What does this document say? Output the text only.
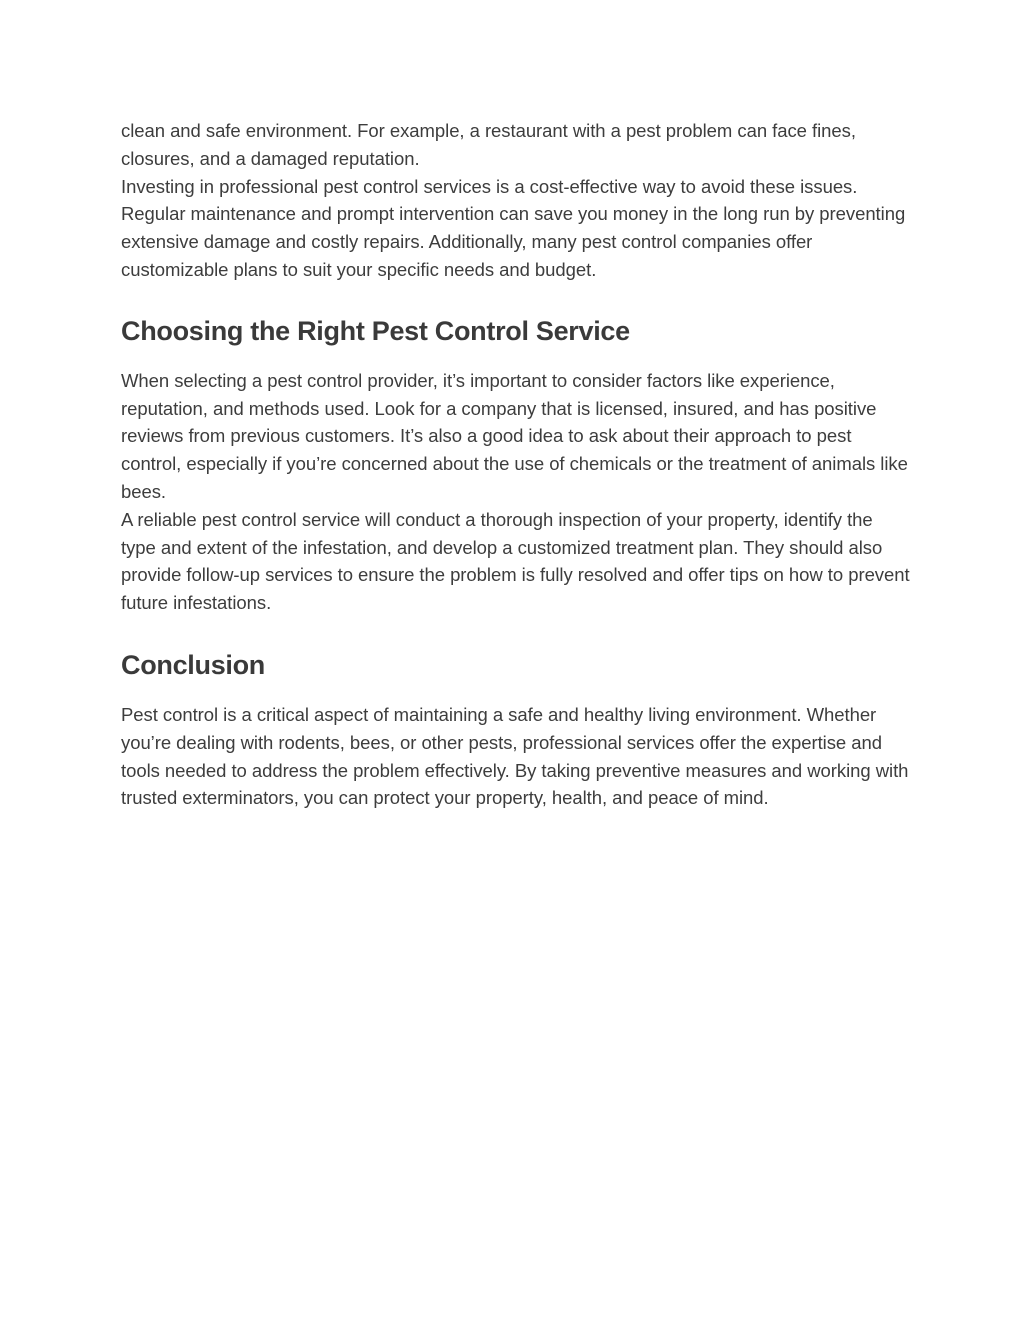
clean and safe environment. For example, a restaurant with a pest problem can face fines, closures, and a damaged reputation.

Investing in professional pest control services is a cost-effective way to avoid these issues. Regular maintenance and prompt intervention can save you money in the long run by preventing extensive damage and costly repairs. Additionally, many pest control companies offer customizable plans to suit your specific needs and budget.

Choosing the Right Pest Control Service

When selecting a pest control provider, it’s important to consider factors like experience, reputation, and methods used. Look for a company that is licensed, insured, and has positive reviews from previous customers. It’s also a good idea to ask about their approach to pest control, especially if you’re concerned about the use of chemicals or the treatment of animals like bees.

A reliable pest control service will conduct a thorough inspection of your property, identify the type and extent of the infestation, and develop a customized treatment plan. They should also provide follow-up services to ensure the problem is fully resolved and offer tips on how to prevent future infestations.

Conclusion

Pest control is a critical aspect of maintaining a safe and healthy living environment. Whether you’re dealing with rodents, bees, or other pests, professional services offer the expertise and tools needed to address the problem effectively. By taking preventive measures and working with trusted exterminators, you can protect your property, health, and peace of mind.
